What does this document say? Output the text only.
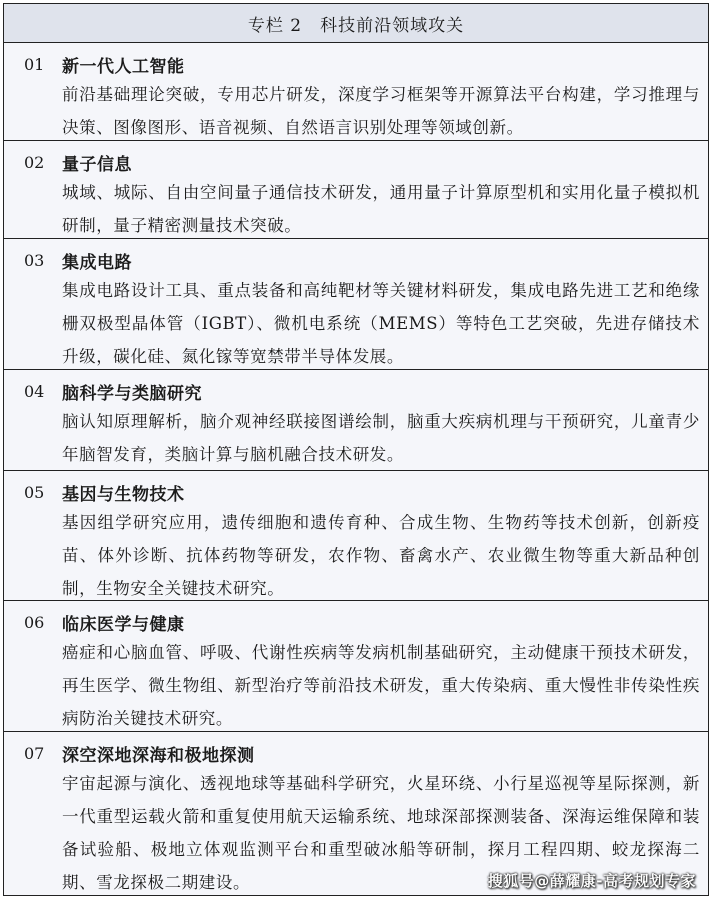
专栏 2　科技前沿领域攻关
01	新一代人工智能
前沿基础理论突破，专用芯片研发，深度学习框架等开源算法平台构建，学习推理与决策、图像图形、语音视频、自然语言识别处理等领域创新。
02	量子信息
城域、城际、自由空间量子通信技术研发，通用量子计算原型机和实用化量子模拟机研制，量子精密测量技术突破。
03	集成电路
集成电路设计工具、重点装备和高纯靶材等关键材料研发，集成电路先进工艺和绝缘栅双极型晶体管（IGBT）、微机电系统（MEMS）等特色工艺突破，先进存储技术升级，碳化硅、氮化镓等宽禁带半导体发展。
04	脑科学与类脑研究
脑认知原理解析，脑介观神经联接图谱绘制，脑重大疾病机理与干预研究，儿童青少年脑智发育，类脑计算与脑机融合技术研发。
05	基因与生物技术
基因组学研究应用，遗传细胞和遗传育种、合成生物、生物药等技术创新，创新疫苗、体外诊断、抗体药物等研发，农作物、畜禽水产、农业微生物等重大新品种创制，生物安全关键技术研究。
06	临床医学与健康
癌症和心脑血管、呼吸、代谢性疾病等发病机制基础研究，主动健康干预技术研发，再生医学、微生物组、新型治疗等前沿技术研发，重大传染病、重大慢性非传染性疾病防治关键技术研究。
07	深空深地深海和极地探测
宇宙起源与演化、透视地球等基础科学研究，火星环绕、小行星巡视等星际探测，新一代重型运载火箭和重复使用航天运输系统、地球深部探测装备、深海运维保障和装备试验船、极地立体观监测平台和重型破冰船等研制，探月工程四期、蛟龙探海二期、雪龙探极二期建设。	搜狐号@薛耀康-高考规划专家
